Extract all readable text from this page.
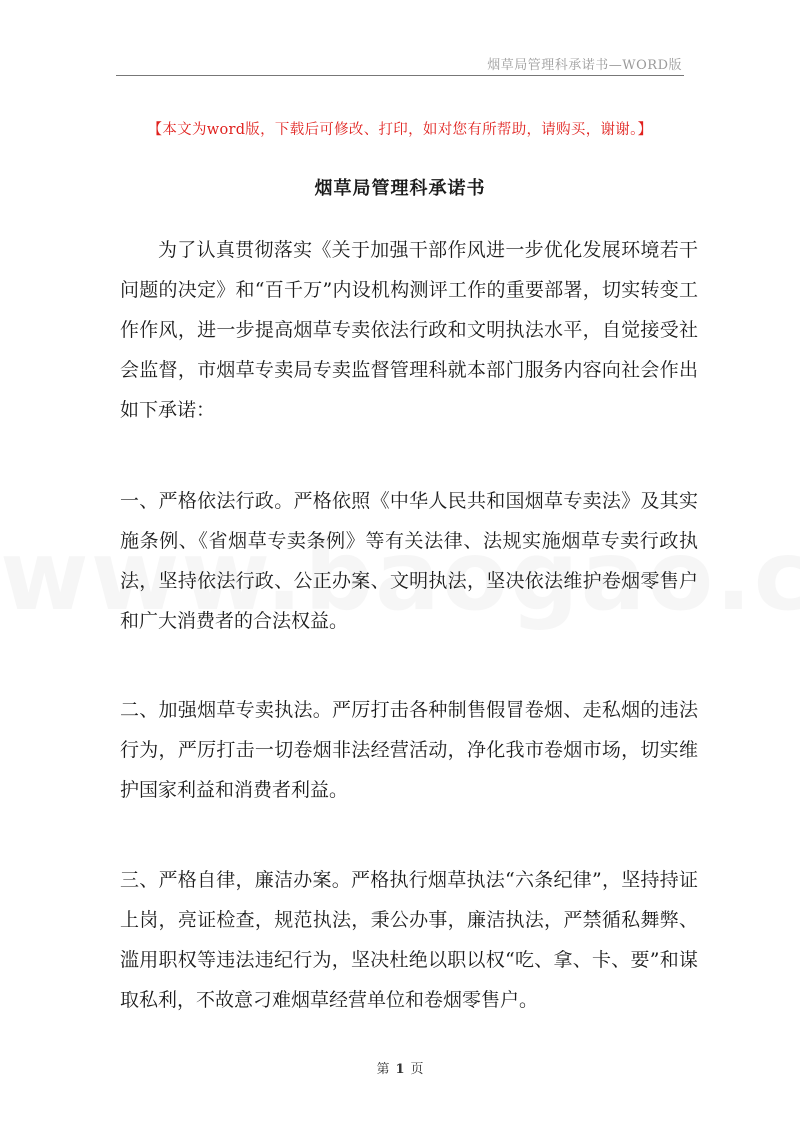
烟草局管理科承诺书—WORD版
【本文为word版，下载后可修改、打印，如对您有所帮助，请购买，谢谢。】
烟草局管理科承诺书
为了认真贯彻落实《关于加强干部作风进一步优化发展环境若干问题的决定》和“百千万”内设机构测评工作的重要部署，切实转变工作作风，进一步提高烟草专卖依法行政和文明执法水平，自觉接受社会监督，市烟草专卖局专卖监督管理科就本部门服务内容向社会作出如下承诺：
一、严格依法行政。严格依照《中华人民共和国烟草专卖法》及其实施条例、《省烟草专卖条例》等有关法律、法规实施烟草专卖行政执法，坚持依法行政、公正办案、文明执法，坚决依法维护卷烟零售户和广大消费者的合法权益。
二、加强烟草专卖执法。严厉打击各种制售假冒卷烟、走私烟的违法行为，严厉打击一切卷烟非法经营活动，净化我市卷烟市场，切实维护国家利益和消费者利益。
三、严格自律，廉洁办案。严格执行烟草执法“六条纪律”，坚持持证上岗，亮证检查，规范执法，秉公办事，廉洁执法，严禁循私舞弊、滥用职权等违法违纪行为，坚决杜绝以职以权“吃、拿、卡、要”和谋取私利，不故意刁难烟草经营单位和卷烟零售户。
第 1 页
